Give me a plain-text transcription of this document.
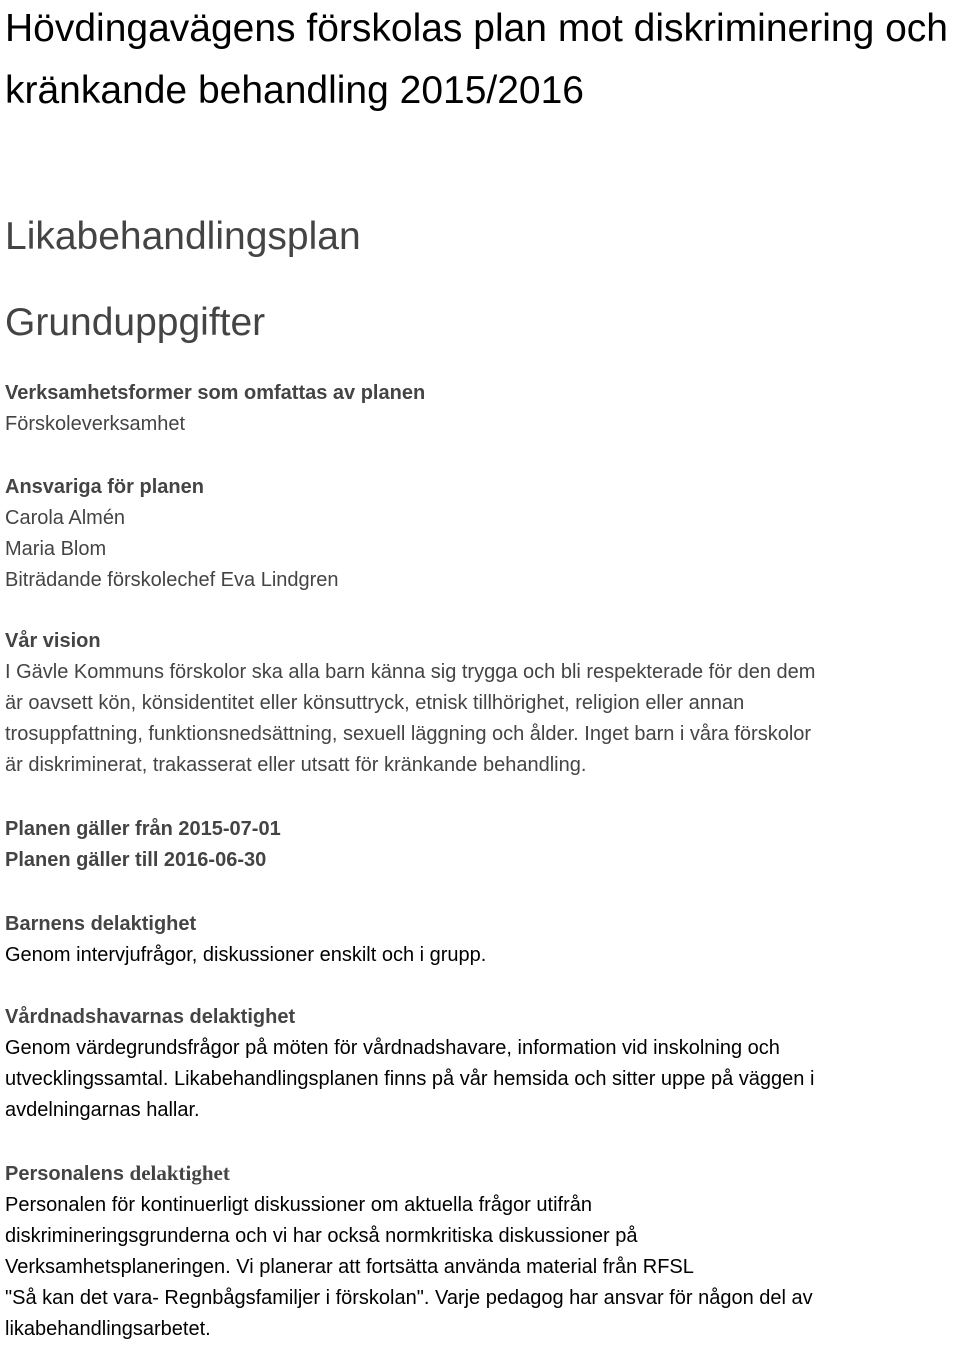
Hövdingavägens förskolas plan mot diskriminering och kränkande behandling 2015/2016
Likabehandlingsplan
Grunduppgifter
Verksamhetsformer som omfattas av planen
Förskoleverksamhet
Ansvariga för planen
Carola Almén
Maria Blom
Biträdande förskolechef Eva Lindgren
Vår vision
I Gävle Kommuns förskolor ska alla barn känna sig trygga och bli respekterade för den dem
är oavsett kön, könsidentitet eller könsuttryck, etnisk tillhörighet, religion eller annan
trosuppfattning, funktionsnedsättning, sexuell läggning och ålder. Inget barn i våra förskolor
är diskriminerat, trakasserat eller utsatt för kränkande behandling.
Planen gäller från 2015-07-01
Planen gäller till 2016-06-30
Barnens delaktighet
Genom intervjufrågor, diskussioner enskilt och i grupp.
Vårdnadshavarnas delaktighet
Genom värdegrundsfrågor på möten för vårdnadshavare, information vid inskolning och
utvecklingssamtal. Likabehandlingsplanen finns på vår hemsida och sitter uppe på väggen i
avdelningarnas hallar.
Personalens delaktighet
Personalen för kontinuerligt diskussioner om aktuella frågor utifrån
diskrimineringsgrunderna och vi har också normkritiska diskussioner på
Verksamhetsplaneringen. Vi planerar att fortsätta använda material från RFSL
"Så kan det vara- Regnbågsfamiljer i förskolan". Varje pedagog har ansvar för någon del av
likabehandlingsarbetet.
